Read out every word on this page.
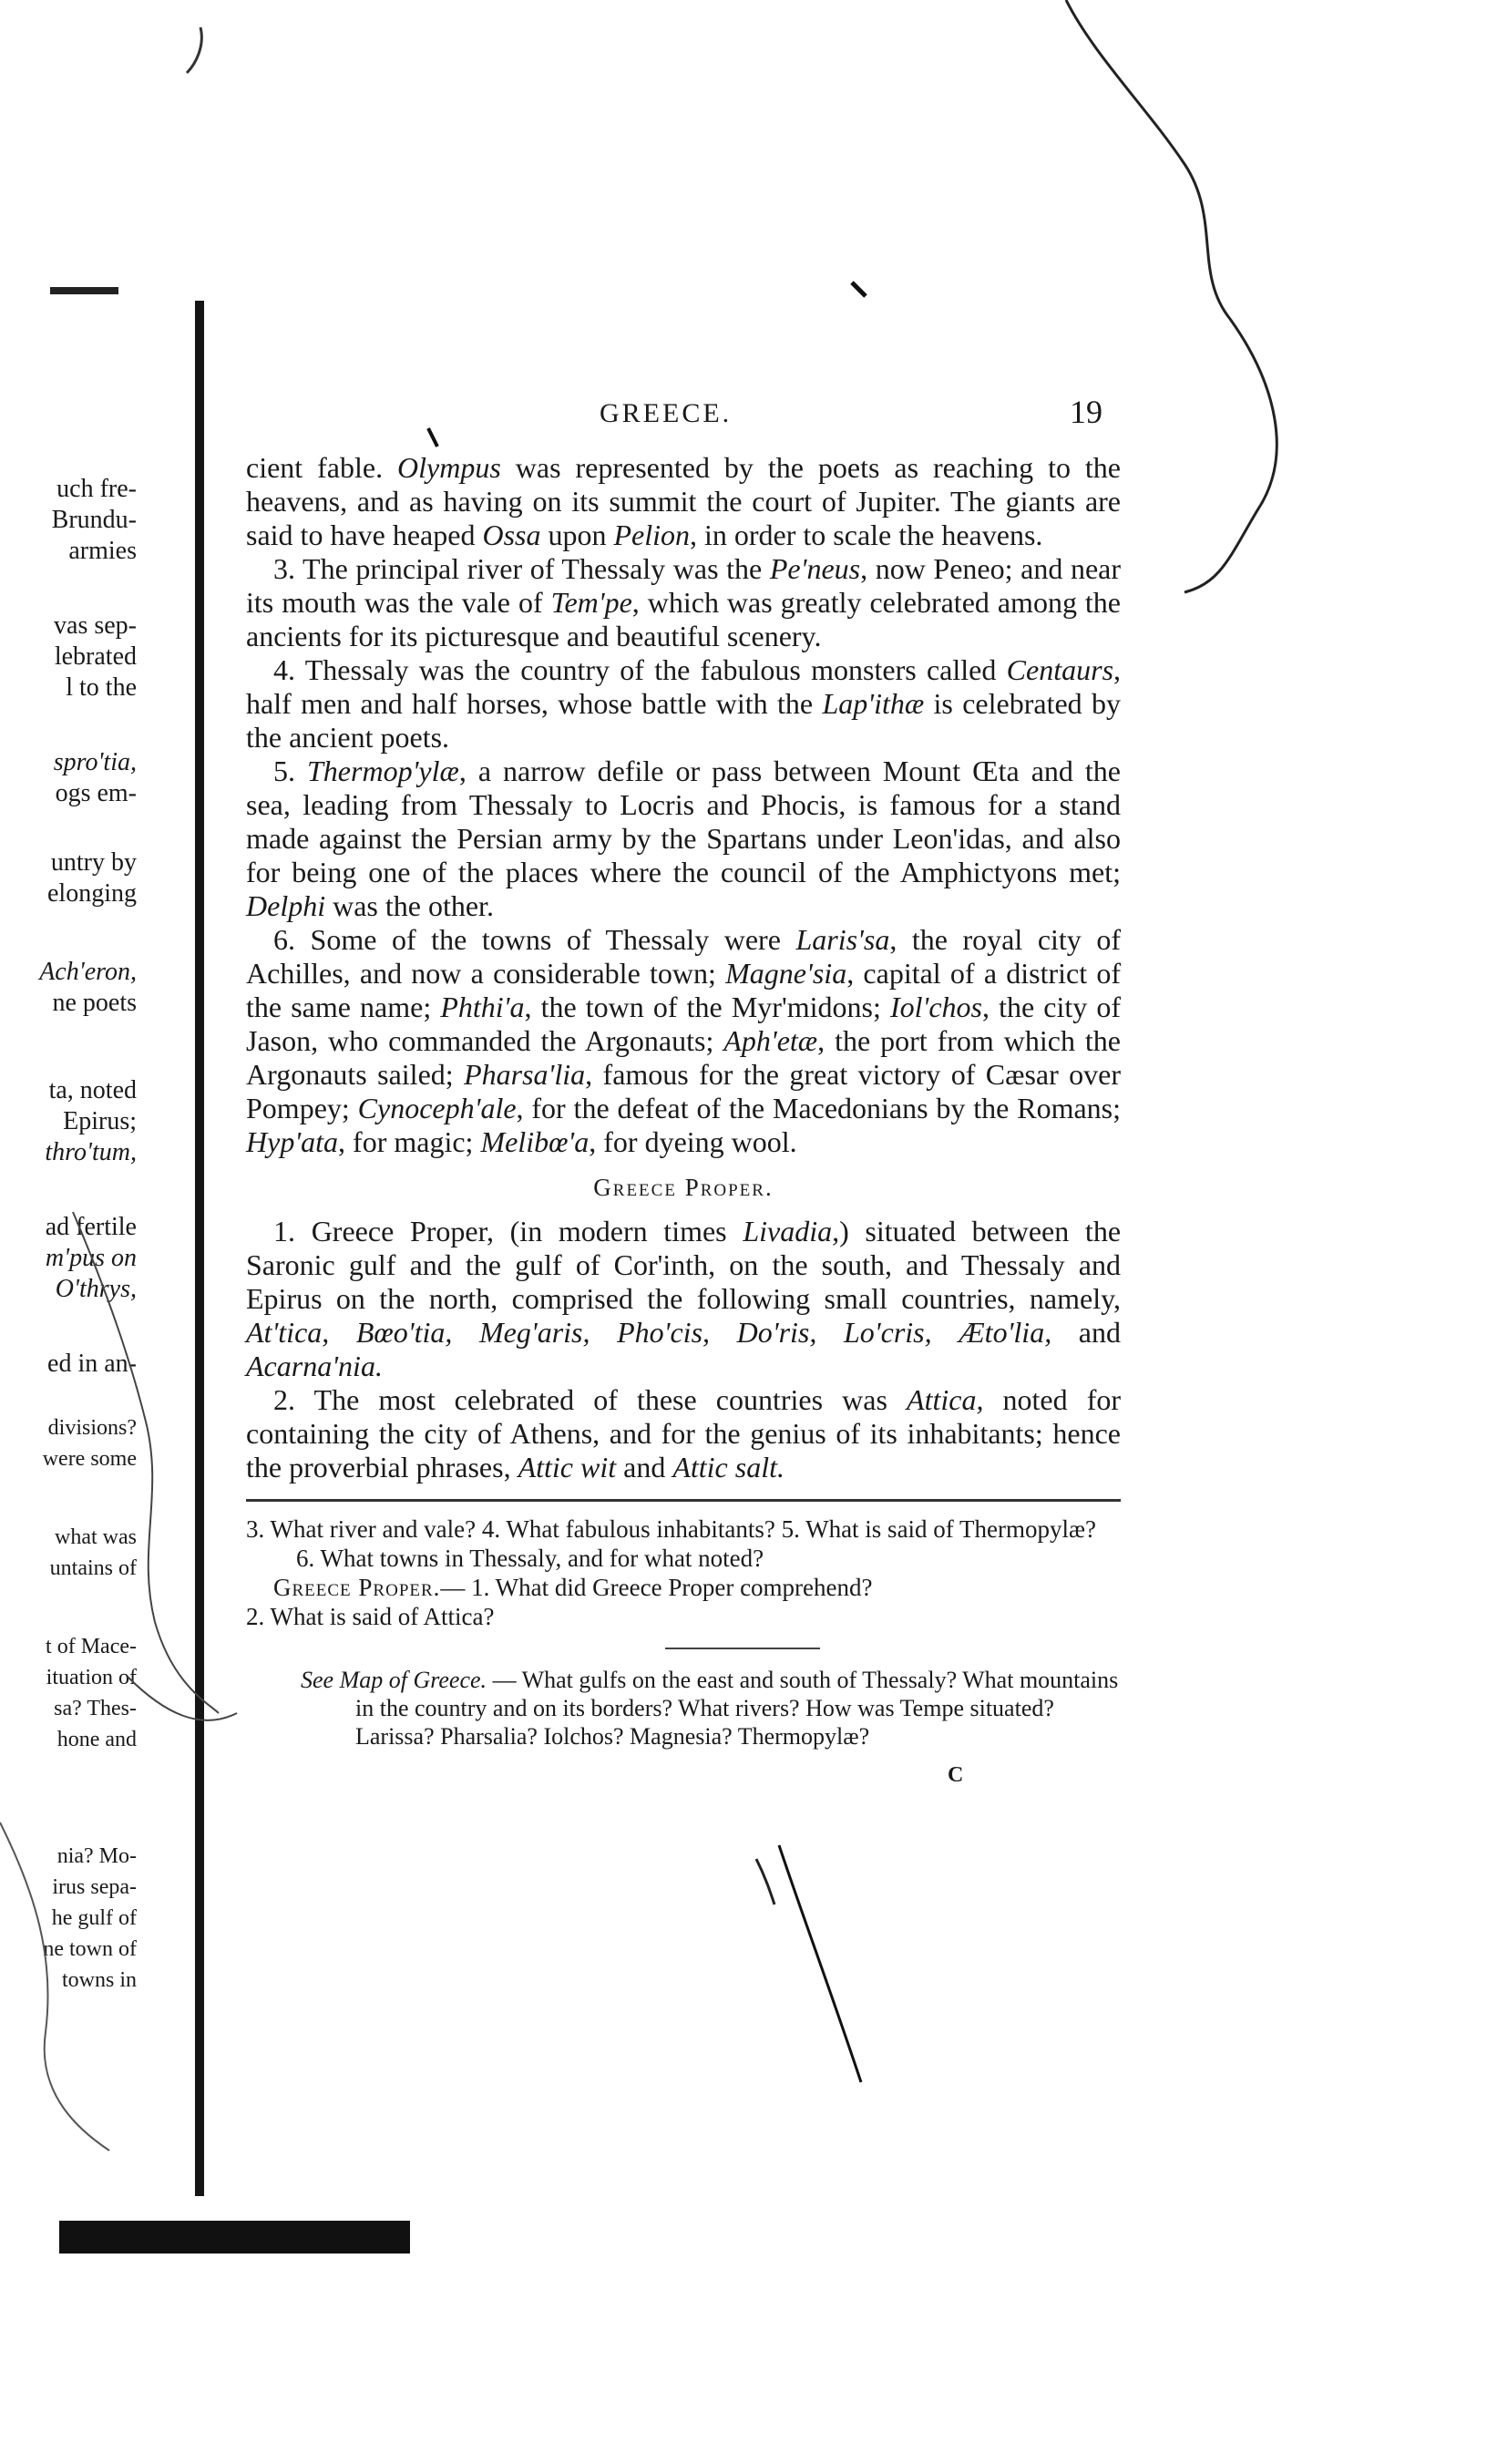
uch fre-
Brundu-
armies
vas sep-
lebrated
l to the
spro'tia,
ogs em-
untry by
elonging
Ach'eron,
ne poets
ta, noted
Epirus;
thro'tum,
ad fertile
m'pus on
O'thrys,
ed in an-
divisions?
were some
what was
untains of
t of Mace-
ituation of
sa? Thes-
hone and
nia? Mo-
irus sepa-
he gulf of
ne town of
towns in
GREECE.	19

cient fable. Olympus was represented by the poets as reaching to the heavens, and as having on its summit the court of Jupiter. The giants are said to have heaped Ossa upon Pelion, in order to scale the heavens.

3. The principal river of Thessaly was the Pe'neus, now Peneo; and near its mouth was the vale of Tem'pe, which was greatly celebrated among the ancients for its picturesque and beautiful scenery.

4. Thessaly was the country of the fabulous monsters called Centaurs, half men and half horses, whose battle with the Lap'ithæ is celebrated by the ancient poets.

5. Thermop'ylæ, a narrow defile or pass between Mount Œta and the sea, leading from Thessaly to Locris and Phocis, is famous for a stand made against the Persian army by the Spartans under Leon'idas, and also for being one of the places where the council of the Amphictyons met; Delphi was the other.

6. Some of the towns of Thessaly were Laris'sa, the royal city of Achilles, and now a considerable town; Magne'sia, capital of a district of the same name; Phthi'a, the town of the Myr'midons; Iol'chos, the city of Jason, who commanded the Argonauts; Aph'etæ, the port from which the Argonauts sailed; Pharsa'lia, famous for the great victory of Cæsar over Pompey; Cynoceph'ale, for the defeat of the Macedonians by the Romans; Hyp'ata, for magic; Melibœ'a, for dyeing wool.

Greece Proper.

1. Greece Proper, (in modern times Livadia,) situated between the Saronic gulf and the gulf of Cor'inth, on the south, and Thessaly and Epirus on the north, comprised the following small countries, namely, At'tica, Bœo'tia, Meg'aris, Pho'cis, Do'ris, Lo'cris, Æto'lia, and Acarna'nia.

2. The most celebrated of these countries was Attica, noted for containing the city of Athens, and for the genius of its inhabitants; hence the proverbial phrases, Attic wit and Attic salt.

3. What river and vale? 4. What fabulous inhabitants? 5. What is said of Thermopylæ? 6. What towns in Thessaly, and for what noted?

Greece Proper.— 1. What did Greece Proper comprehend?

2. What is said of Attica?

See Map of Greece. — What gulfs on the east and south of Thessaly? What mountains in the country and on its borders? What rivers? How was Tempe situated? Larissa? Pharsalia? Iolchos? Magnesia? Thermopylæ?

C
